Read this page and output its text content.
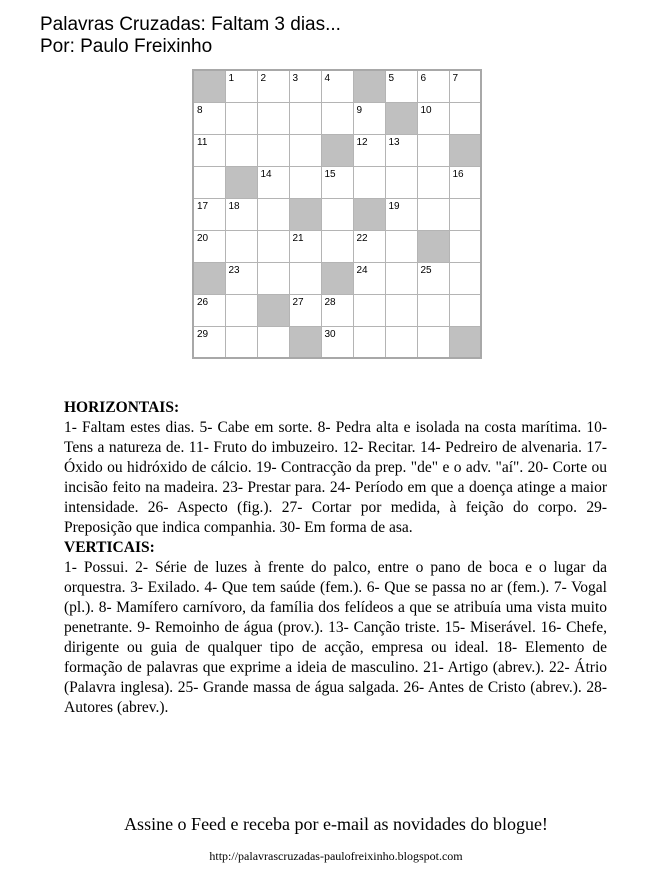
Palavras Cruzadas: Faltam 3 dias...
Por: Paulo Freixinho

	1	2	3	4		5	6	7

8					9		10	

11					12	13		

		14		15				16

17	18					19		

20			21		22			

	23				24		25	

26			27	28				

29				30				

HORIZONTAIS:

1- Faltam estes dias. 5- Cabe em sorte. 8- Pedra alta e isolada na costa marítima. 10- Tens a natureza de. 11- Fruto do imbuzeiro. 12- Recitar. 14- Pedreiro de alvenaria. 17- Óxido ou hidróxido de cálcio. 19- Contracção da prep. "de" e o adv. "aí". 20- Corte ou incisão feito na madeira. 23- Prestar para. 24- Período em que a doença atinge a maior intensidade. 26- Aspecto (fig.). 27- Cortar por medida, à feição do corpo. 29- Preposição que indica companhia. 30- Em forma de asa.

VERTICAIS:

1- Possui. 2- Série de luzes à frente do palco, entre o pano de boca e o lugar da orquestra. 3- Exilado. 4- Que tem saúde (fem.). 6- Que se passa no ar (fem.). 7- Vogal (pl.). 8- Mamífero carnívoro, da família dos felídeos a que se atribuía uma vista muito penetrante. 9- Remoinho de água (prov.). 13- Canção triste. 15- Miserável. 16- Chefe, dirigente ou guia de qualquer tipo de acção, empresa ou ideal. 18- Elemento de formação de palavras que exprime a ideia de masculino. 21- Artigo (abrev.). 22- Átrio (Palavra inglesa). 25- Grande massa de água salgada. 26- Antes de Cristo (abrev.). 28- Autores (abrev.).

Assine o Feed e receba por e-mail as novidades do blogue!
http://palavrascruzadas-paulofreixinho.blogspot.com
